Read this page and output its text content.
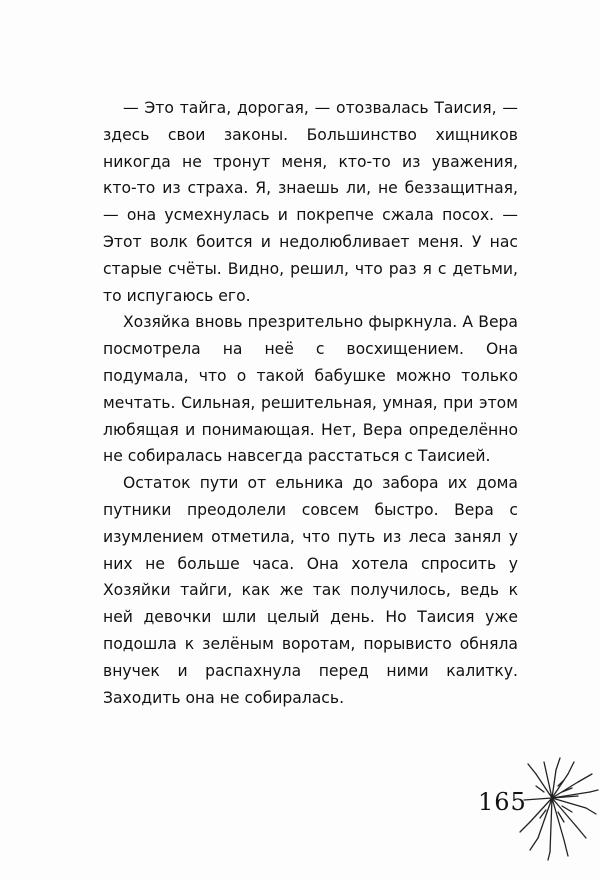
— Это тайга, дорогая, — отозвалась Таисия, — здесь свои законы. Большинство хищников никогда не тронут меня, кто-то из уважения, кто-то из страха. Я, знаешь ли, не беззащитная, — она усмехнулась и покрепче сжала посох. — Этот волк боится и недолюбливает меня. У нас старые счёты. Видно, решил, что раз я с детьми, то испугаюсь его.

Хозяйка вновь презрительно фыркнула. А Вера посмотрела на неё с восхищением. Она подумала, что о такой бабушке можно только мечтать. Сильная, решительная, умная, при этом любящая и понимающая. Нет, Вера определённо не собиралась навсегда расстаться с Таисией.

Остаток пути от ельника до забора их дома путники преодолели совсем быстро. Вера с изумлением отметила, что путь из леса занял у них не больше часа. Она хотела спросить у Хозяйки тайги, как же так получилось, ведь к ней девочки шли целый день. Но Таисия уже подошла к зелёным воротам, порывисто обняла внучек и распахнула перед ними калитку. Заходить она не собиралась.

165
